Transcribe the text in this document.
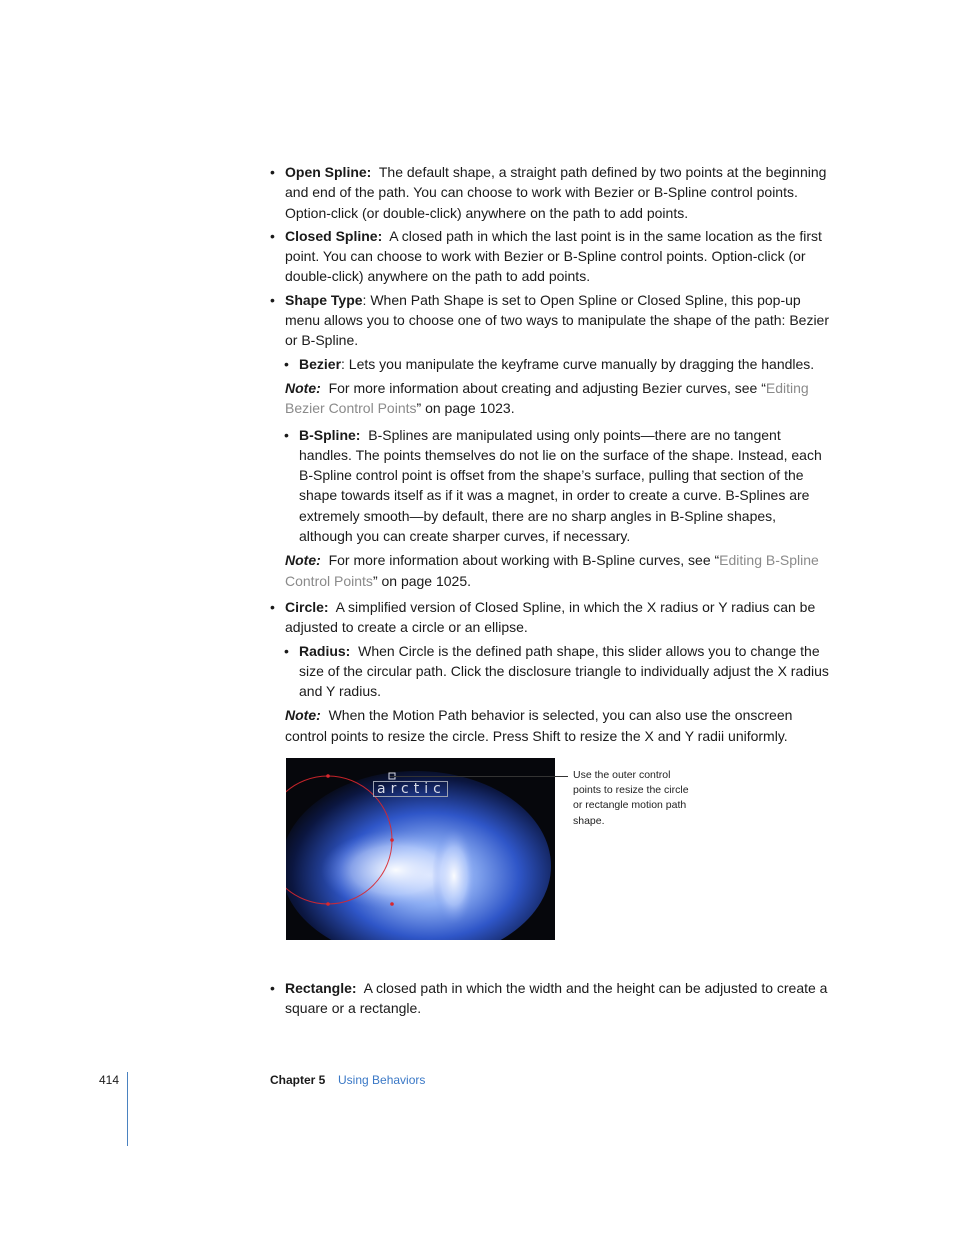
• Open Spline: The default shape, a straight path defined by two points at the beginning and end of the path. You can choose to work with Bezier or B-Spline control points. Option-click (or double-click) anywhere on the path to add points.
• Closed Spline: A closed path in which the last point is in the same location as the first point. You can choose to work with Bezier or B-Spline control points. Option-click (or double-click) anywhere on the path to add points.
• Shape Type: When Path Shape is set to Open Spline or Closed Spline, this pop-up menu allows you to choose one of two ways to manipulate the shape of the path: Bezier or B-Spline.
• Bezier: Lets you manipulate the keyframe curve manually by dragging the handles.
Note: For more information about creating and adjusting Bezier curves, see “Editing Bezier Control Points” on page 1023.
• B-Spline: B-Splines are manipulated using only points—there are no tangent handles. The points themselves do not lie on the surface of the shape. Instead, each B-Spline control point is offset from the shape’s surface, pulling that section of the shape towards itself as if it was a magnet, in order to create a curve. B-Splines are extremely smooth—by default, there are no sharp angles in B-Spline shapes, although you can create sharper curves, if necessary.
Note: For more information about working with B-Spline curves, see “Editing B-Spline Control Points” on page 1025.
• Circle: A simplified version of Closed Spline, in which the X radius or Y radius can be adjusted to create a circle or an ellipse.
• Radius: When Circle is the defined path shape, this slider allows you to change the size of the circular path. Click the disclosure triangle to individually adjust the X radius and Y radius.
Note: When the Motion Path behavior is selected, you can also use the onscreen control points to resize the circle. Press Shift to resize the X and Y radii uniformly.
arctic
Use the outer control points to resize the circle or rectangle motion path shape.
• Rectangle: A closed path in which the width and the height can be adjusted to create a square or a rectangle.
414	Chapter 5 Using Behaviors
